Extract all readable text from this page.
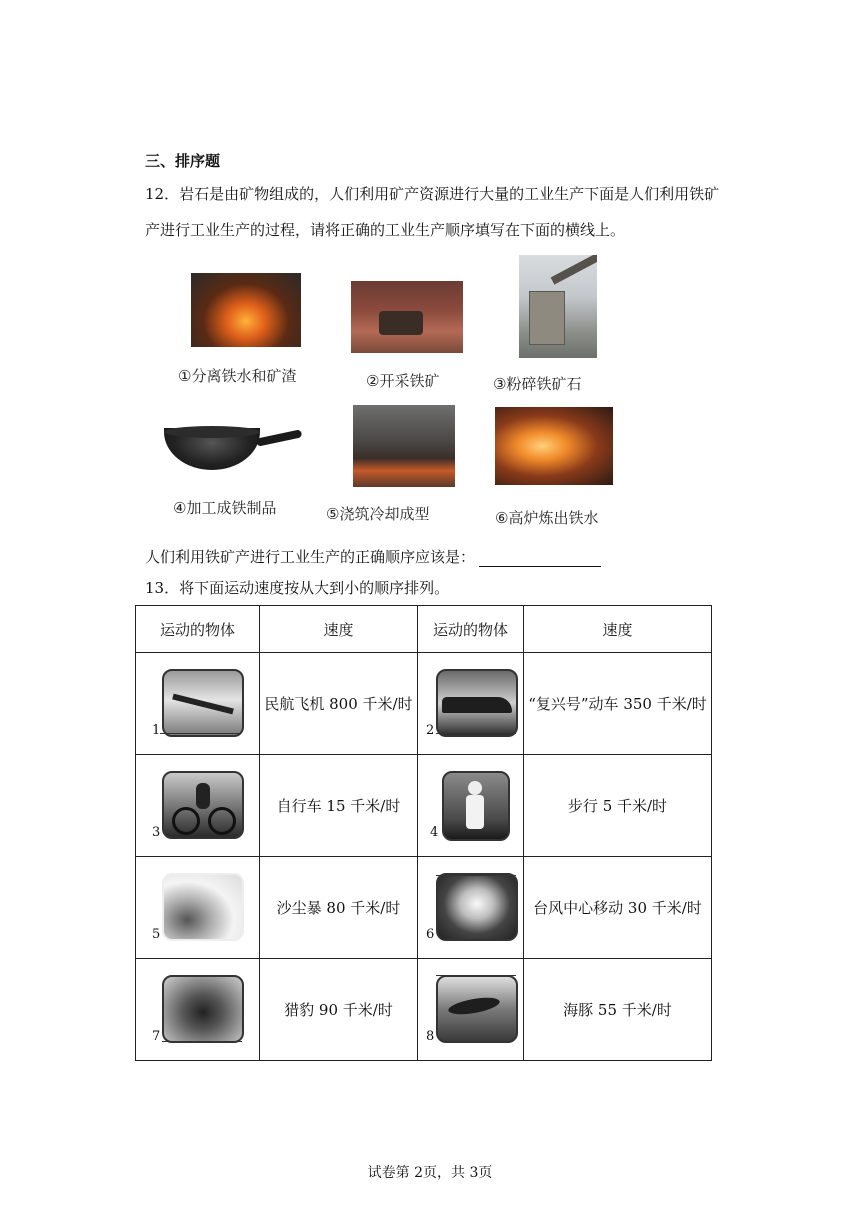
三、排序题
12．岩石是由矿物组成的，人们利用矿产资源进行大量的工业生产下面是人们利用铁矿
产进行工业生产的过程，请将正确的工业生产顺序填写在下面的横线上。
①分离铁水和矿渣	②开采铁矿	③粉碎铁矿石
④加工成铁制品	⑤浇筑冷却成型	⑥高炉炼出铁水
人们利用铁矿产进行工业生产的正确顺序应该是：
13．将下面运动速度按从大到小的顺序排列。
运动的物体	速度	运动的物体	速度

1	民航飞机 800 千米/时	2	“复兴号”动车 350 千米/时

3	自行车 15 千米/时	4	步行 5 千米/时

5	沙尘暴 80 千米/时	6	台风中心移动 30 千米/时

7	猎豹 90 千米/时	8	海豚 55 千米/时
试卷第 2页，共 3页
